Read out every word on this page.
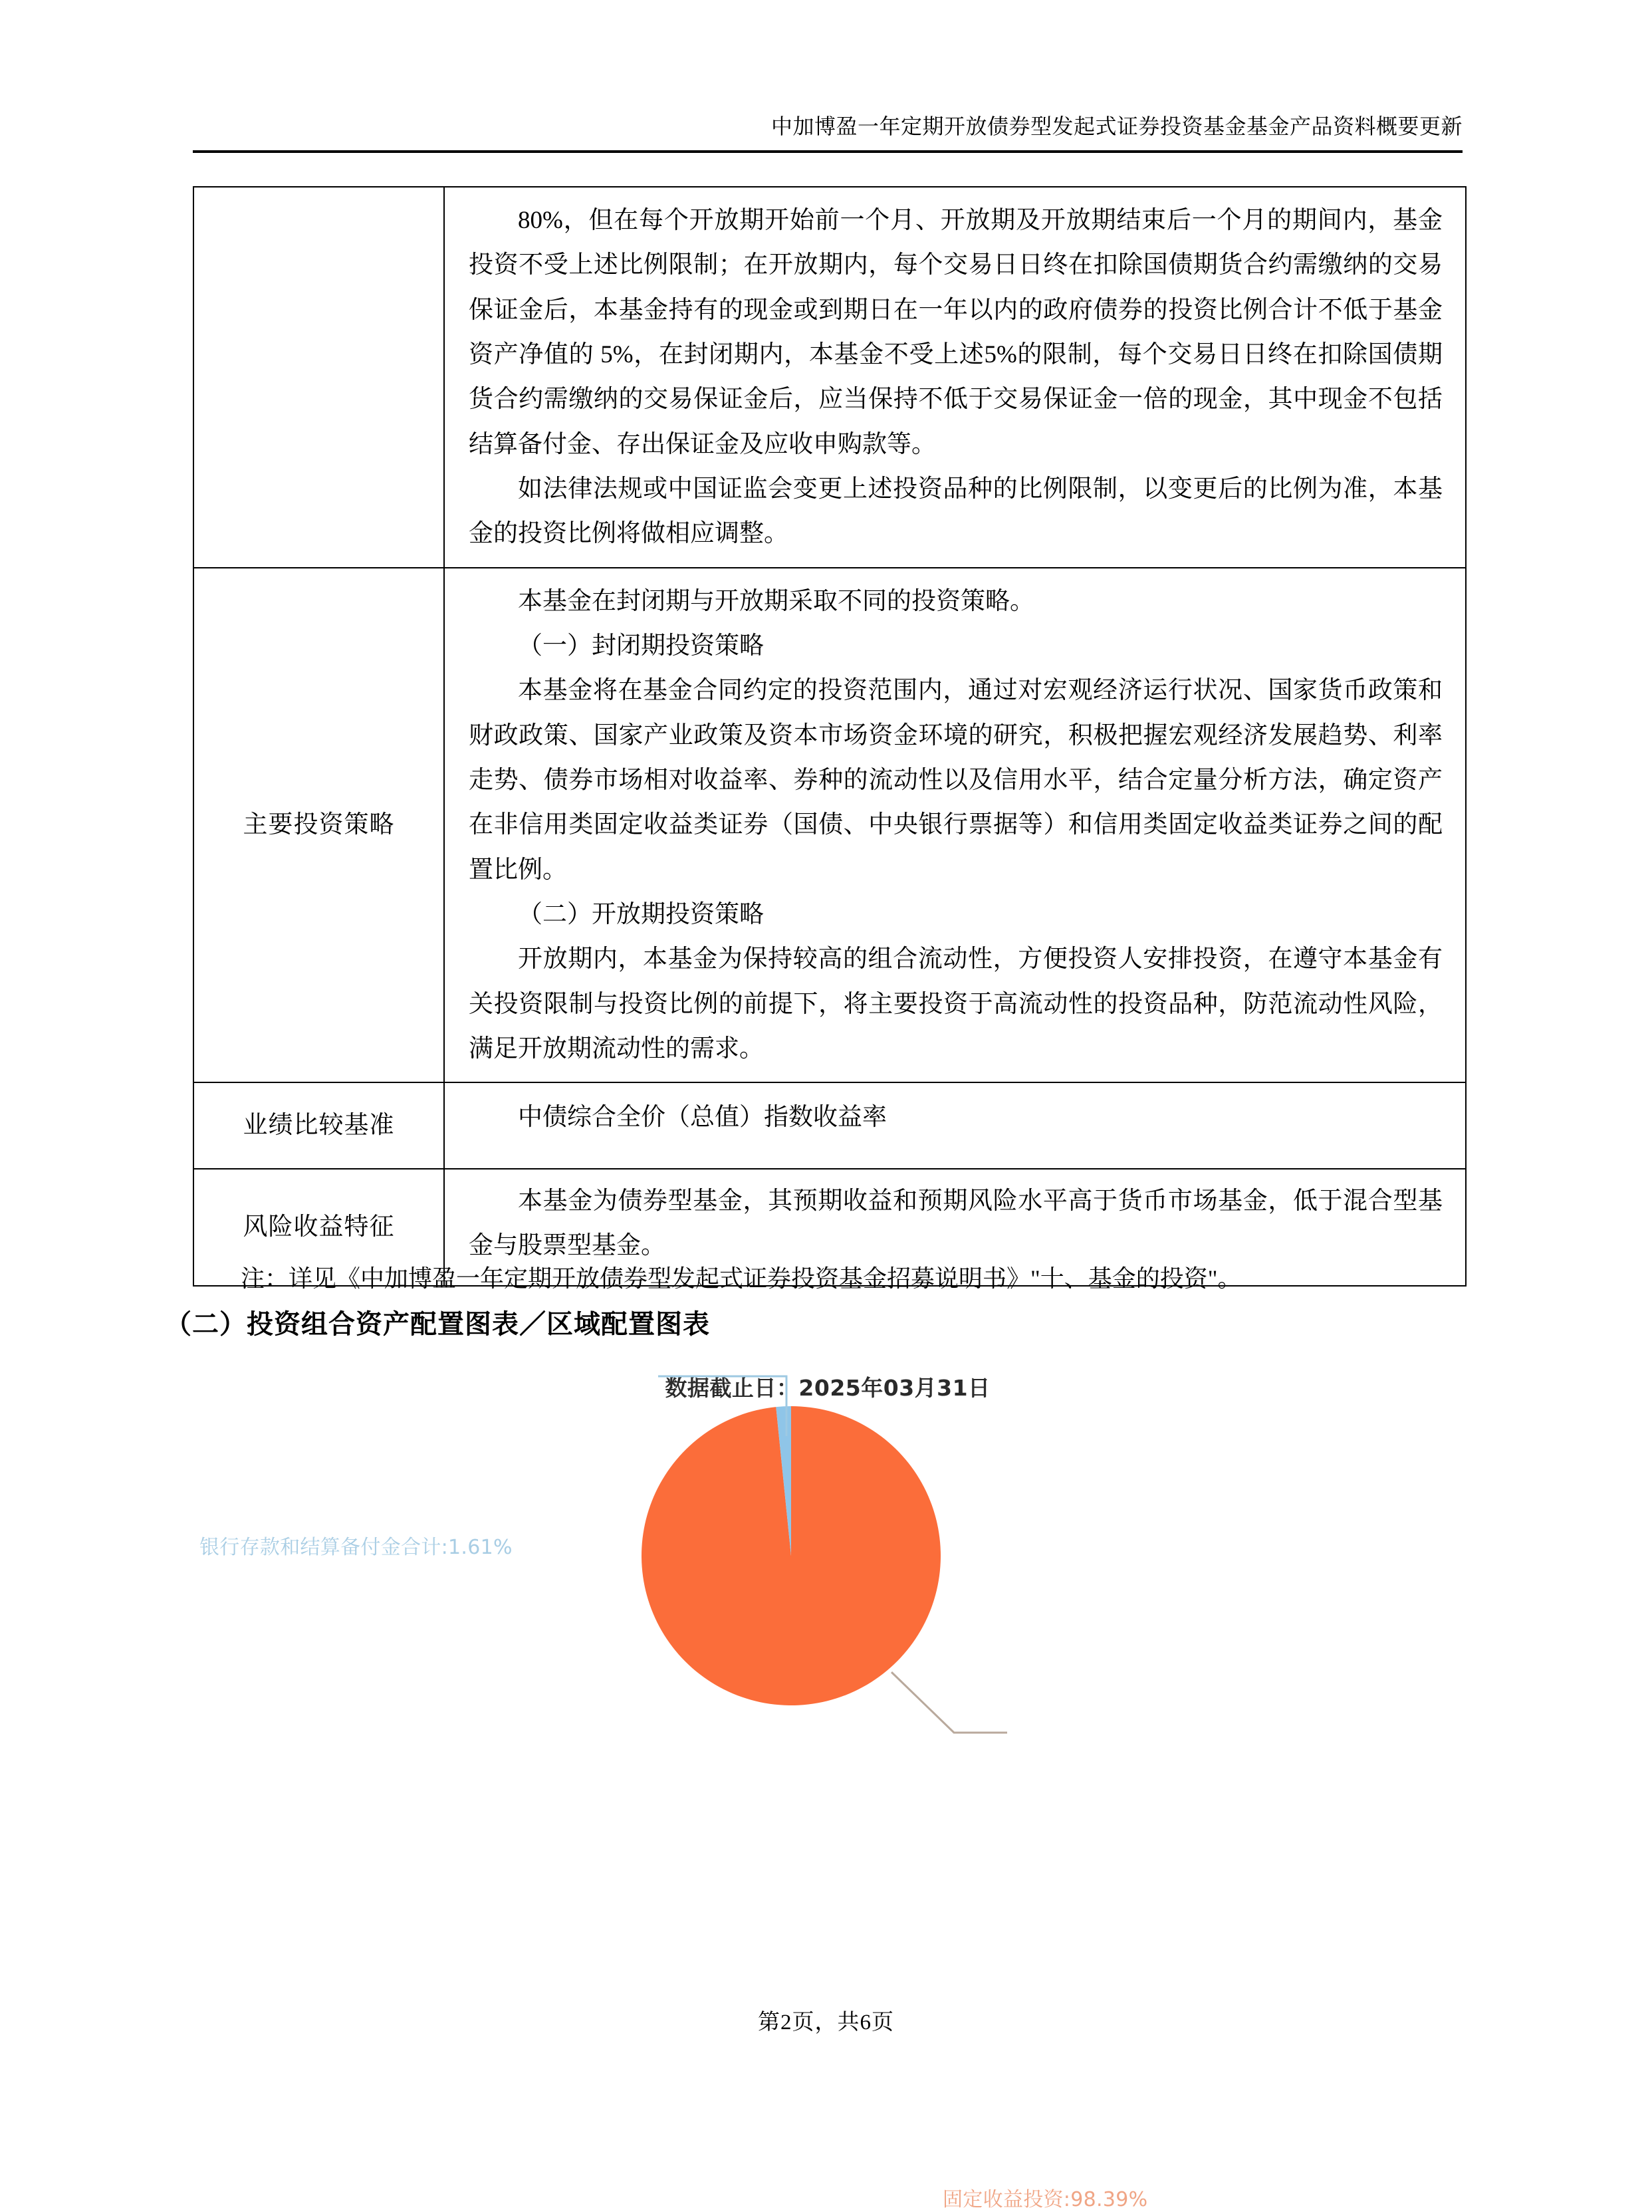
中加博盈一年定期开放债券型发起式证券投资基金基金产品资料概要更新

	80%，但在每个开放期开始前一个月、开放期及开放期结束后一个月的期间内，基金投资不受上述比例限制；在开放期内，每个交易日日终在扣除国债期货合约需缴纳的交易保证金后，本基金持有的现金或到期日在一年以内的政府债券的投资比例合计不低于基金资产净值的 5%，在封闭期内，本基金不受上述5%的限制，每个交易日日终在扣除国债期货合约需缴纳的交易保证金后，应当保持不低于交易保证金一倍的现金，其中现金不包括结算备付金、存出保证金及应收申购款等。

如法律法规或中国证监会变更上述投资品种的比例限制，以变更后的比例为准，本基金的投资比例将做相应调整。

主要投资策略	本基金在封闭期与开放期采取不同的投资策略。

（一）封闭期投资策略

本基金将在基金合同约定的投资范围内，通过对宏观经济运行状况、国家货币政策和财政政策、国家产业政策及资本市场资金环境的研究，积极把握宏观经济发展趋势、利率走势、债券市场相对收益率、券种的流动性以及信用水平，结合定量分析方法，确定资产在非信用类固定收益类证券（国债、中央银行票据等）和信用类固定收益类证券之间的配置比例。

（二）开放期投资策略

开放期内，本基金为保持较高的组合流动性，方便投资人安排投资，在遵守本基金有关投资限制与投资比例的前提下，将主要投资于高流动性的投资品种，防范流动性风险，满足开放期流动性的需求。

业绩比较基准	中债综合全价（总值）指数收益率

风险收益特征	本基金为债券型基金，其预期收益和预期风险水平高于货币市场基金，低于混合型基金与股票型基金。

注：详见《中加博盈一年定期开放债券型发起式证券投资基金招募说明书》"十、基金的投资"。
（二）投资组合资产配置图表／区域配置图表
数据截止日：2025年03月31日
银行存款和结算备付金合计:1.61%
固定收益投资:98.39%
第2页，共6页
